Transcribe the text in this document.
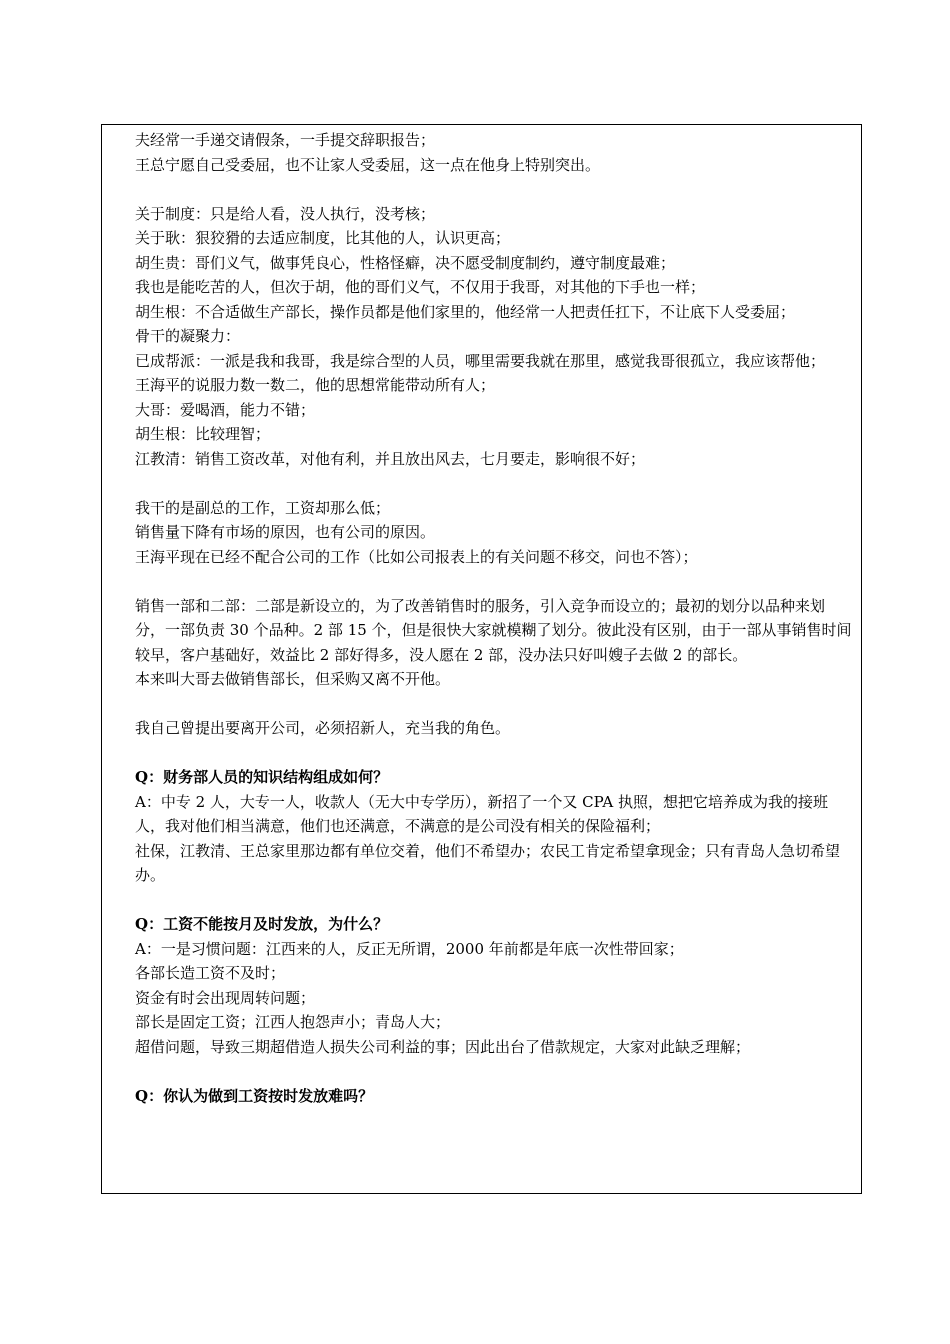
夫经常一手递交请假条，一手提交辞职报告；
王总宁愿自己受委屈，也不让家人受委屈，这一点在他身上特别突出。
关于制度：只是给人看，没人执行，没考核；
关于耿：狠狡猾的去适应制度，比其他的人，认识更高；
胡生贵：哥们义气，做事凭良心，性格怪癖，决不愿受制度制约，遵守制度最难；
我也是能吃苦的人，但次于胡，他的哥们义气，不仅用于我哥，对其他的下手也一样；
胡生根：不合适做生产部长，操作员都是他们家里的，他经常一人把责任扛下，不让底下人受委屈；
骨干的凝聚力：
已成帮派：一派是我和我哥，我是综合型的人员，哪里需要我就在那里，感觉我哥很孤立，我应该帮他；
王海平的说服力数一数二，他的思想常能带动所有人；
大哥：爱喝酒，能力不错；
胡生根：比较理智；
江教清：销售工资改革，对他有利，并且放出风去，七月要走，影响很不好；
我干的是副总的工作，工资却那么低；
销售量下降有市场的原因，也有公司的原因。
王海平现在已经不配合公司的工作（比如公司报表上的有关问题不移交，问也不答）；
销售一部和二部：二部是新设立的，为了改善销售时的服务，引入竞争而设立的；最初的划分以品种来划分，一部负责 30 个品种。2 部 15 个，但是很快大家就模糊了划分。彼此没有区别，由于一部从事销售时间较早，客户基础好，效益比 2 部好得多，没人愿在 2 部，没办法只好叫嫂子去做 2 的部长。
本来叫大哥去做销售部长，但采购又离不开他。
我自己曾提出要离开公司，必须招新人，充当我的角色。
Q：财务部人员的知识结构组成如何？
A：中专 2 人，大专一人，收款人（无大中专学历），新招了一个又 CPA 执照，想把它培养成为我的接班人，我对他们相当满意，他们也还满意，不满意的是公司没有相关的保险福利；
社保，江教清、王总家里那边都有单位交着，他们不希望办；农民工肯定希望拿现金；只有青岛人急切希望办。
Q：工资不能按月及时发放，为什么？
A：一是习惯问题：江西来的人，反正无所谓，2000 年前都是年底一次性带回家；
各部长造工资不及时；
资金有时会出现周转问题；
部长是固定工资；江西人抱怨声小；青岛人大；
超借问题，导致三期超借造人损失公司利益的事；因此出台了借款规定，大家对此缺乏理解；
Q：你认为做到工资按时发放难吗？
